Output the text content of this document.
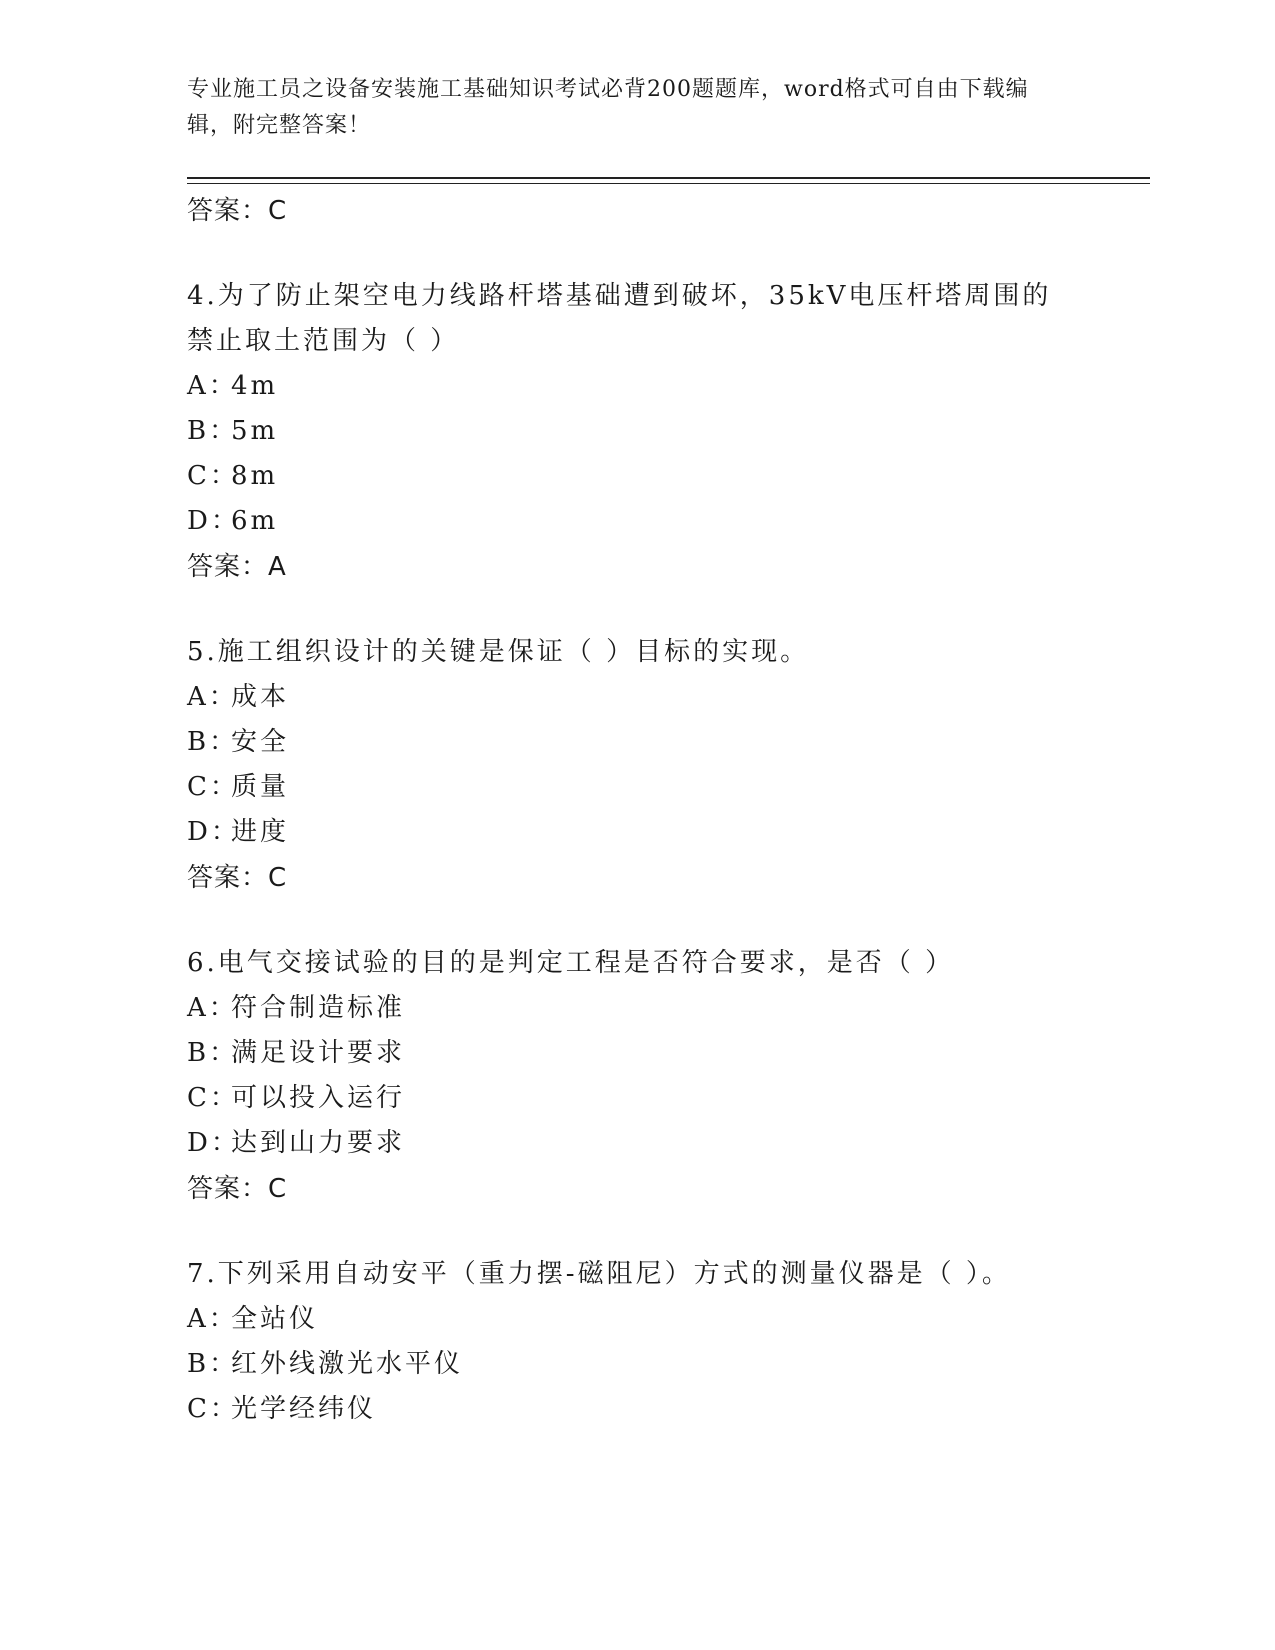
专业施工员之设备安装施工基础知识考试必背200题题库，word格式可自由下载编辑，附完整答案！
答案：C
4.为了防止架空电力线路杆塔基础遭到破坏，35kV电压杆塔周围的禁止取土范围为（ ）
A：4m
B：5m
C：8m
D：6m
答案：A
5.施工组织设计的关键是保证（ ）目标的实现。
A：成本
B：安全
C：质量
D：进度
答案：C
6.电气交接试验的目的是判定工程是否符合要求，是否（ ）
A：符合制造标准
B：满足设计要求
C：可以投入运行
D：达到山力要求
答案：C
7.下列采用自动安平（重力摆-磁阻尼）方式的测量仪器是（ ）。
A：全站仪
B：红外线激光水平仪
C：光学经纬仪
